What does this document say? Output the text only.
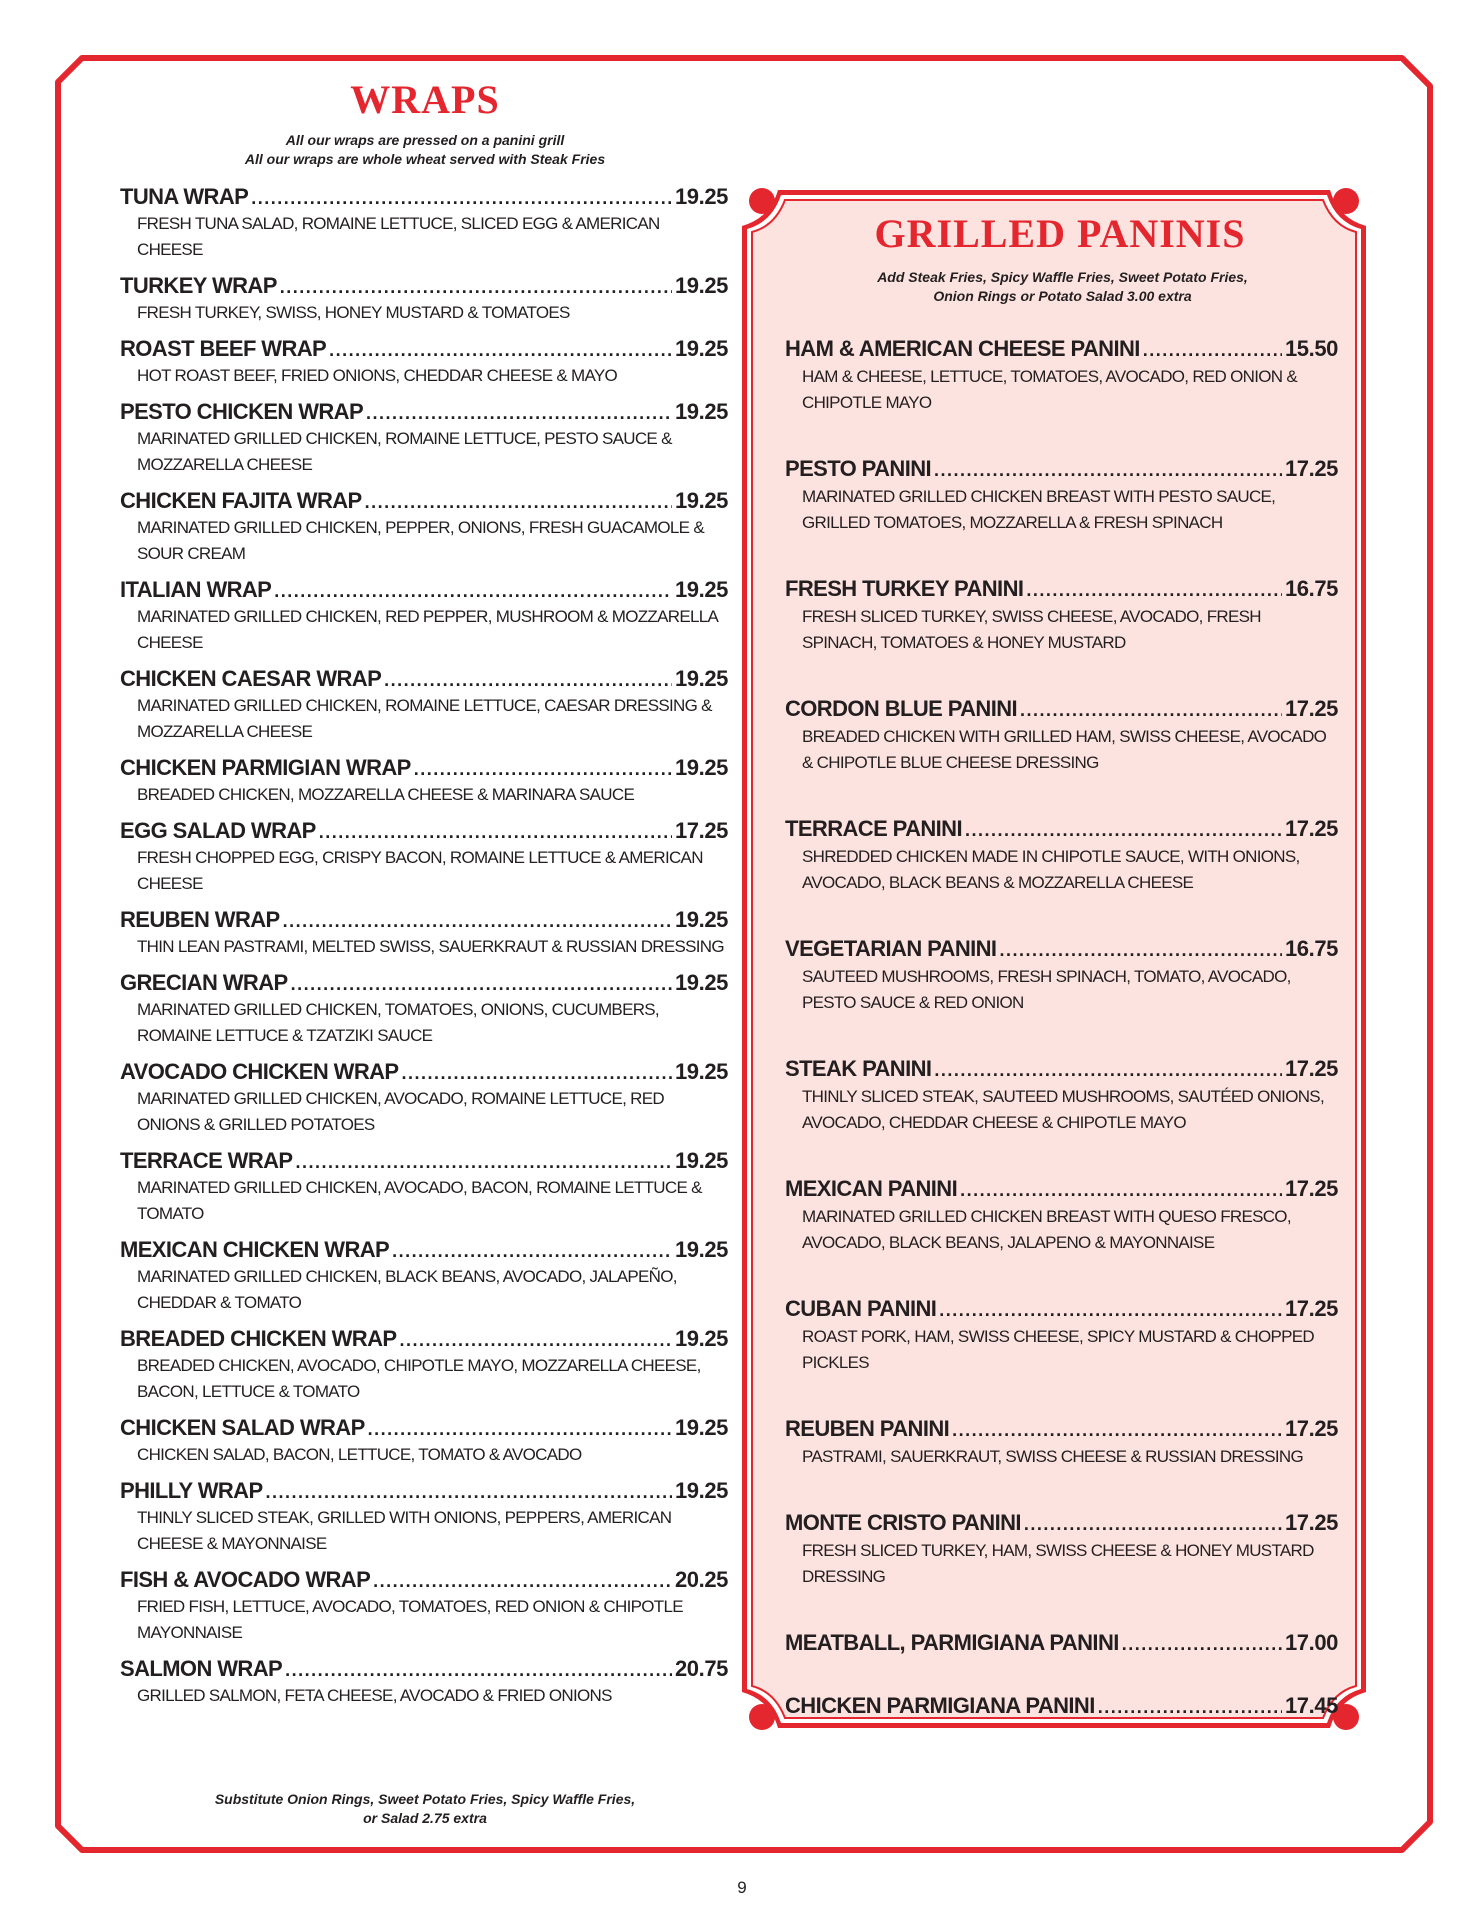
WRAPS
All our wraps are pressed on a panini grill
All our wraps are whole wheat served with Steak Fries
TUNA WRAP .....	19.25
FRESH TUNA SALAD, ROMAINE LETTUCE, SLICED EGG & AMERICAN CHEESE
TURKEY WRAP .....	19.25
FRESH TURKEY, SWISS, HONEY MUSTARD & TOMATOES
ROAST BEEF WRAP .....	19.25
HOT ROAST BEEF, FRIED ONIONS, CHEDDAR CHEESE & MAYO
PESTO CHICKEN WRAP .....	19.25
MARINATED GRILLED CHICKEN, ROMAINE LETTUCE, PESTO SAUCE & MOZZARELLA CHEESE
CHICKEN FAJITA WRAP .....	19.25
MARINATED GRILLED CHICKEN, PEPPER, ONIONS, FRESH GUACAMOLE & SOUR CREAM
ITALIAN WRAP .....	19.25
MARINATED GRILLED CHICKEN, RED PEPPER, MUSHROOM & MOZZARELLA CHEESE
CHICKEN CAESAR WRAP .....	19.25
MARINATED GRILLED CHICKEN, ROMAINE LETTUCE, CAESAR DRESSING & MOZZARELLA CHEESE
CHICKEN PARMIGIAN WRAP .....	19.25
BREADED CHICKEN, MOZZARELLA CHEESE & MARINARA SAUCE
EGG SALAD WRAP .....	17.25
FRESH CHOPPED EGG, CRISPY BACON, ROMAINE LETTUCE & AMERICAN CHEESE
REUBEN WRAP .....	19.25
THIN LEAN PASTRAMI, MELTED SWISS, SAUERKRAUT & RUSSIAN DRESSING
GRECIAN WRAP .....	19.25
MARINATED GRILLED CHICKEN, TOMATOES, ONIONS, CUCUMBERS, ROMAINE LETTUCE & TZATZIKI SAUCE
AVOCADO CHICKEN WRAP .....	19.25
MARINATED GRILLED CHICKEN, AVOCADO, ROMAINE LETTUCE, RED ONIONS & GRILLED POTATOES
TERRACE WRAP .....	19.25
MARINATED GRILLED CHICKEN, AVOCADO, BACON, ROMAINE LETTUCE & TOMATO
MEXICAN CHICKEN WRAP .....	19.25
MARINATED GRILLED CHICKEN, BLACK BEANS, AVOCADO, JALAPEÑO, CHEDDAR & TOMATO
BREADED CHICKEN WRAP .....	19.25
BREADED CHICKEN, AVOCADO, CHIPOTLE MAYO, MOZZARELLA CHEESE, BACON, LETTUCE & TOMATO
CHICKEN SALAD WRAP .....	19.25
CHICKEN SALAD, BACON, LETTUCE, TOMATO & AVOCADO
PHILLY WRAP .....	19.25
THINLY SLICED STEAK, GRILLED WITH ONIONS, PEPPERS, AMERICAN CHEESE & MAYONNAISE
FISH & AVOCADO WRAP .....	20.25
FRIED FISH, LETTUCE, AVOCADO, TOMATOES, RED ONION & CHIPOTLE MAYONNAISE
SALMON WRAP .....	20.75
GRILLED SALMON, FETA CHEESE, AVOCADO & FRIED ONIONS
Substitute Onion Rings, Sweet Potato Fries, Spicy Waffle Fries,
or Salad 2.75 extra
GRILLED PANINIS
Add Steak Fries, Spicy Waffle Fries, Sweet Potato Fries,
Onion Rings or Potato Salad 3.00 extra
HAM & AMERICAN CHEESE PANINI .....	15.50
HAM & CHEESE, LETTUCE, TOMATOES, AVOCADO, RED ONION & CHIPOTLE MAYO
PESTO PANINI .....	17.25
MARINATED GRILLED CHICKEN BREAST WITH PESTO SAUCE, GRILLED TOMATOES, MOZZARELLA & FRESH SPINACH
FRESH TURKEY PANINI .....	16.75
FRESH SLICED TURKEY, SWISS CHEESE, AVOCADO, FRESH SPINACH, TOMATOES & HONEY MUSTARD
CORDON BLUE PANINI .....	17.25
BREADED CHICKEN WITH GRILLED HAM, SWISS CHEESE, AVOCADO & CHIPOTLE BLUE CHEESE DRESSING
TERRACE PANINI .....	17.25
SHREDDED CHICKEN MADE IN CHIPOTLE SAUCE, WITH ONIONS, AVOCADO, BLACK BEANS & MOZZARELLA CHEESE
VEGETARIAN PANINI .....	16.75
SAUTEED MUSHROOMS, FRESH SPINACH, TOMATO, AVOCADO, PESTO SAUCE & RED ONION
STEAK PANINI .....	17.25
THINLY SLICED STEAK, SAUTEED MUSHROOMS, SAUTÉED ONIONS, AVOCADO, CHEDDAR CHEESE & CHIPOTLE MAYO
MEXICAN PANINI .....	17.25
MARINATED GRILLED CHICKEN BREAST WITH QUESO FRESCO, AVOCADO, BLACK BEANS, JALAPENO & MAYONNAISE
CUBAN PANINI .....	17.25
ROAST PORK, HAM, SWISS CHEESE, SPICY MUSTARD & CHOPPED PICKLES
REUBEN PANINI .....	17.25
PASTRAMI, SAUERKRAUT, SWISS CHEESE & RUSSIAN DRESSING
MONTE CRISTO PANINI .....	17.25
FRESH SLICED TURKEY, HAM, SWISS CHEESE & HONEY MUSTARD DRESSING
MEATBALL, PARMIGIANA PANINI .....	17.00
CHICKEN PARMIGIANA PANINI .....	17.45
9
